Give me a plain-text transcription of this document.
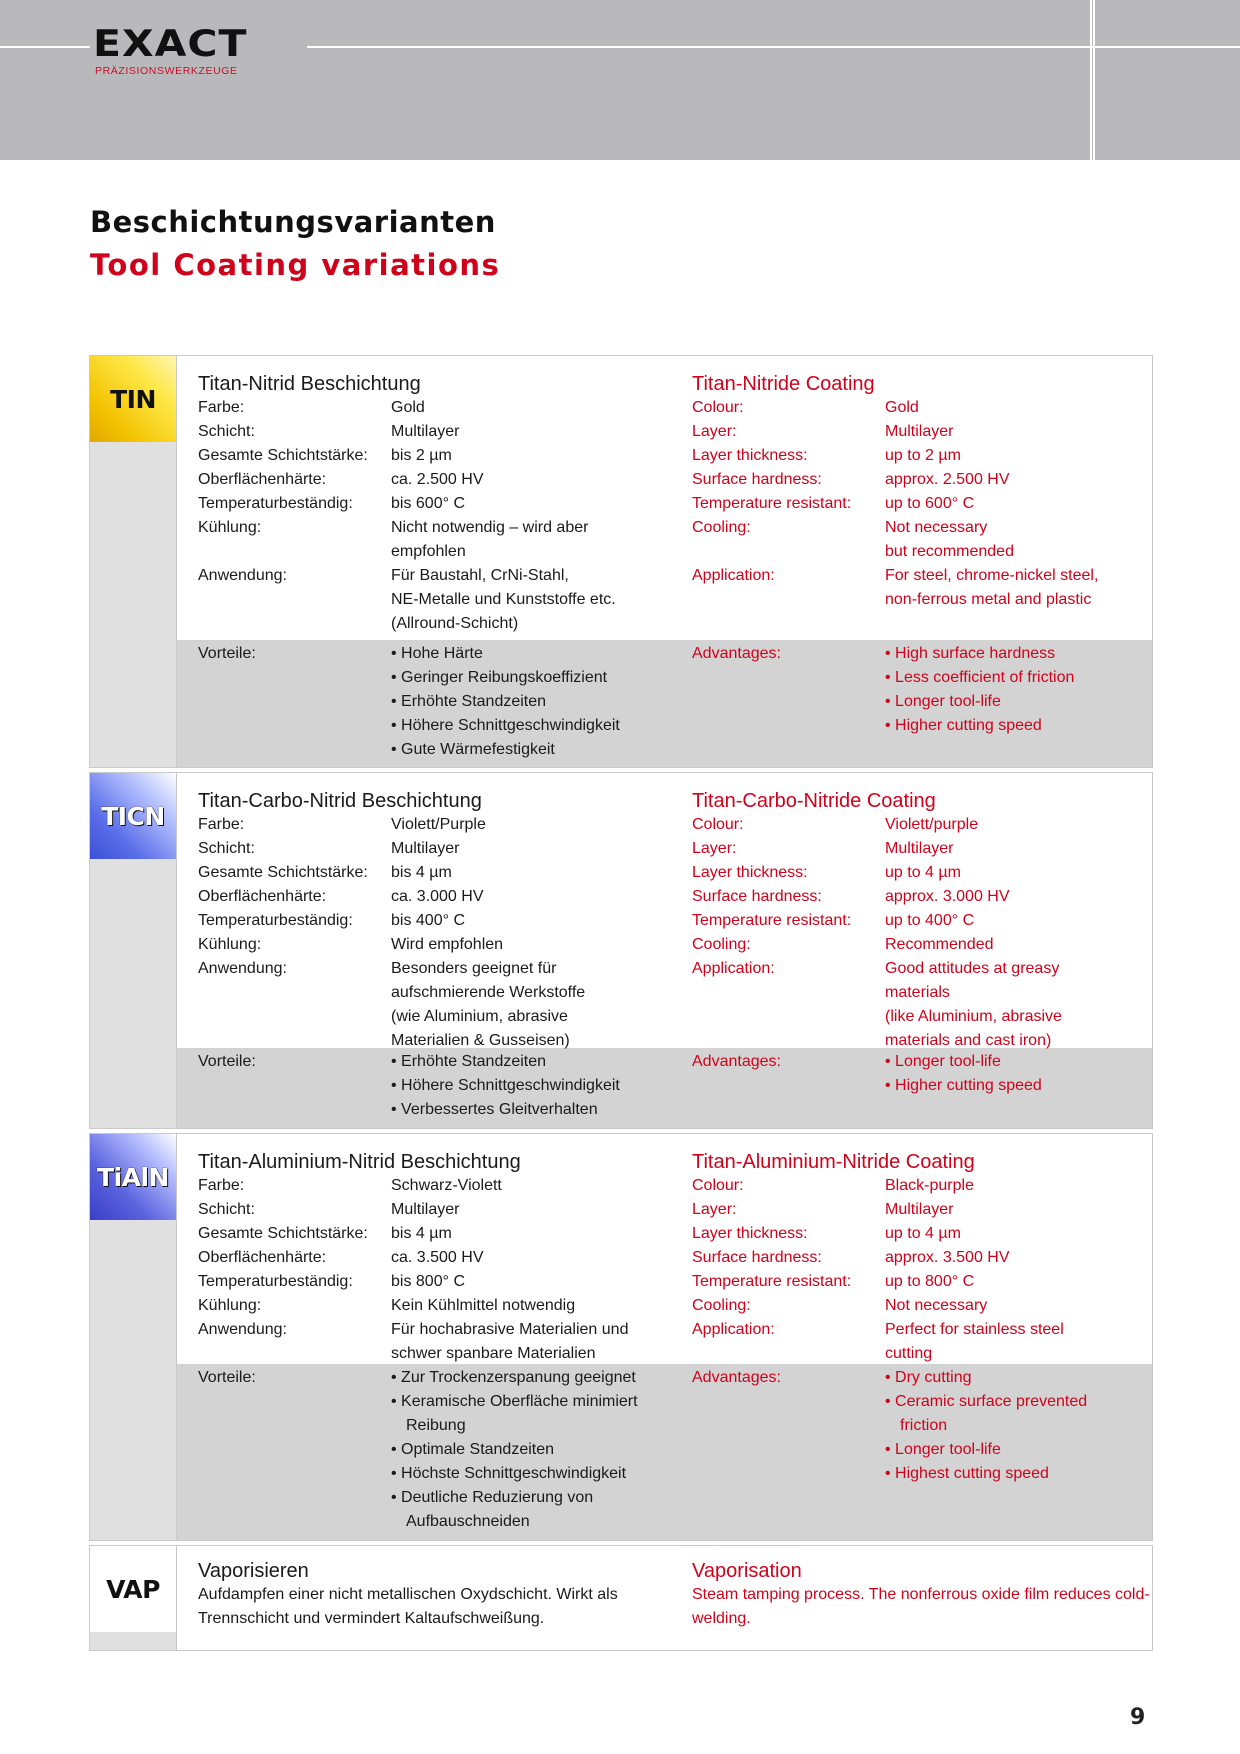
EXACT
PRÄZISIONSWERKZEUGE
Beschichtungsvarianten
Tool Coating variations
TIN
Titan-Nitrid Beschichtung
Farbe:	Gold
Schicht:	Multilayer
Gesamte Schichtstärke: bis 2 µm
Oberflächenhärte:	ca. 2.500 HV
Temperaturbeständig: bis 600° C
Kühlung:	Nicht notwendig – wird aber
empfohlen
Anwendung:	Für Baustahl, CrNi-Stahl,
NE-Metalle und Kunststoffe etc.
(Allround-Schicht)
Vorteile:	• Hohe Härte
• Geringer Reibungskoeffizient
• Erhöhte Standzeiten
• Höhere Schnittgeschwindigkeit
• Gute Wärmefestigkeit
Titan-Nitride Coating
Colour:	Gold
Layer:	Multilayer
Layer thickness:	up to 2 µm
Surface hardness:	approx. 2.500 HV
Temperature resistant: up to 600° C
Cooling:	Not necessary
but recommended
Application:	For steel, chrome-nickel steel,
non-ferrous metal and plastic
Advantages:	• High surface hardness
• Less coefficient of friction
• Longer tool-life
• Higher cutting speed
TICN
Titan-Carbo-Nitrid Beschichtung
Farbe:	Violett/Purple
Schicht:	Multilayer
Gesamte Schichtstärke: bis 4 µm
Oberflächenhärte:	ca. 3.000 HV
Temperaturbeständig: bis 400° C
Kühlung:	Wird empfohlen
Anwendung:	Besonders geeignet für
aufschmierende Werkstoffe
(wie Aluminium, abrasive
Materialien & Gusseisen)
Vorteile:	• Erhöhte Standzeiten
• Höhere Schnittgeschwindigkeit
• Verbessertes Gleitverhalten
Titan-Carbo-Nitride Coating
Colour:	Violett/purple
Layer:	Multilayer
Layer thickness:	up to 4 µm
Surface hardness:	approx. 3.000 HV
Temperature resistant: up to 400° C
Cooling:	Recommended
Application:	Good attitudes at greasy
materials
(like Aluminium, abrasive
materials and cast iron)
Advantages:	• Longer tool-life
• Higher cutting speed
TiAlN
Titan-Aluminium-Nitrid Beschichtung
Farbe:	Schwarz-Violett
Schicht:	Multilayer
Gesamte Schichtstärke: bis 4 µm
Oberflächenhärte:	ca. 3.500 HV
Temperaturbeständig: bis 800° C
Kühlung:	Kein Kühlmittel notwendig
Anwendung:	Für hochabrasive Materialien und
schwer spanbare Materialien
Vorteile:	• Zur Trockenzerspanung geeignet
• Keramische Oberfläche minimiert
Reibung
• Optimale Standzeiten
• Höchste Schnittgeschwindigkeit
• Deutliche Reduzierung von
Aufbauschneiden
Titan-Aluminium-Nitride Coating
Colour:	Black-purple
Layer:	Multilayer
Layer thickness:	up to 4 µm
Surface hardness:	approx. 3.500 HV
Temperature resistant: up to 800° C
Cooling:	Not necessary
Application:	Perfect for stainless steel
cutting
Advantages:	• Dry cutting
• Ceramic surface prevented
friction
• Longer tool-life
• Highest cutting speed
VAP
Vaporisieren
Aufdampfen einer nicht metallischen Oxydschicht. Wirkt als Trennschicht und vermindert Kaltaufschweißung.
Vaporisation
Steam tamping process. The nonferrous oxide film reduces cold-welding.
9
